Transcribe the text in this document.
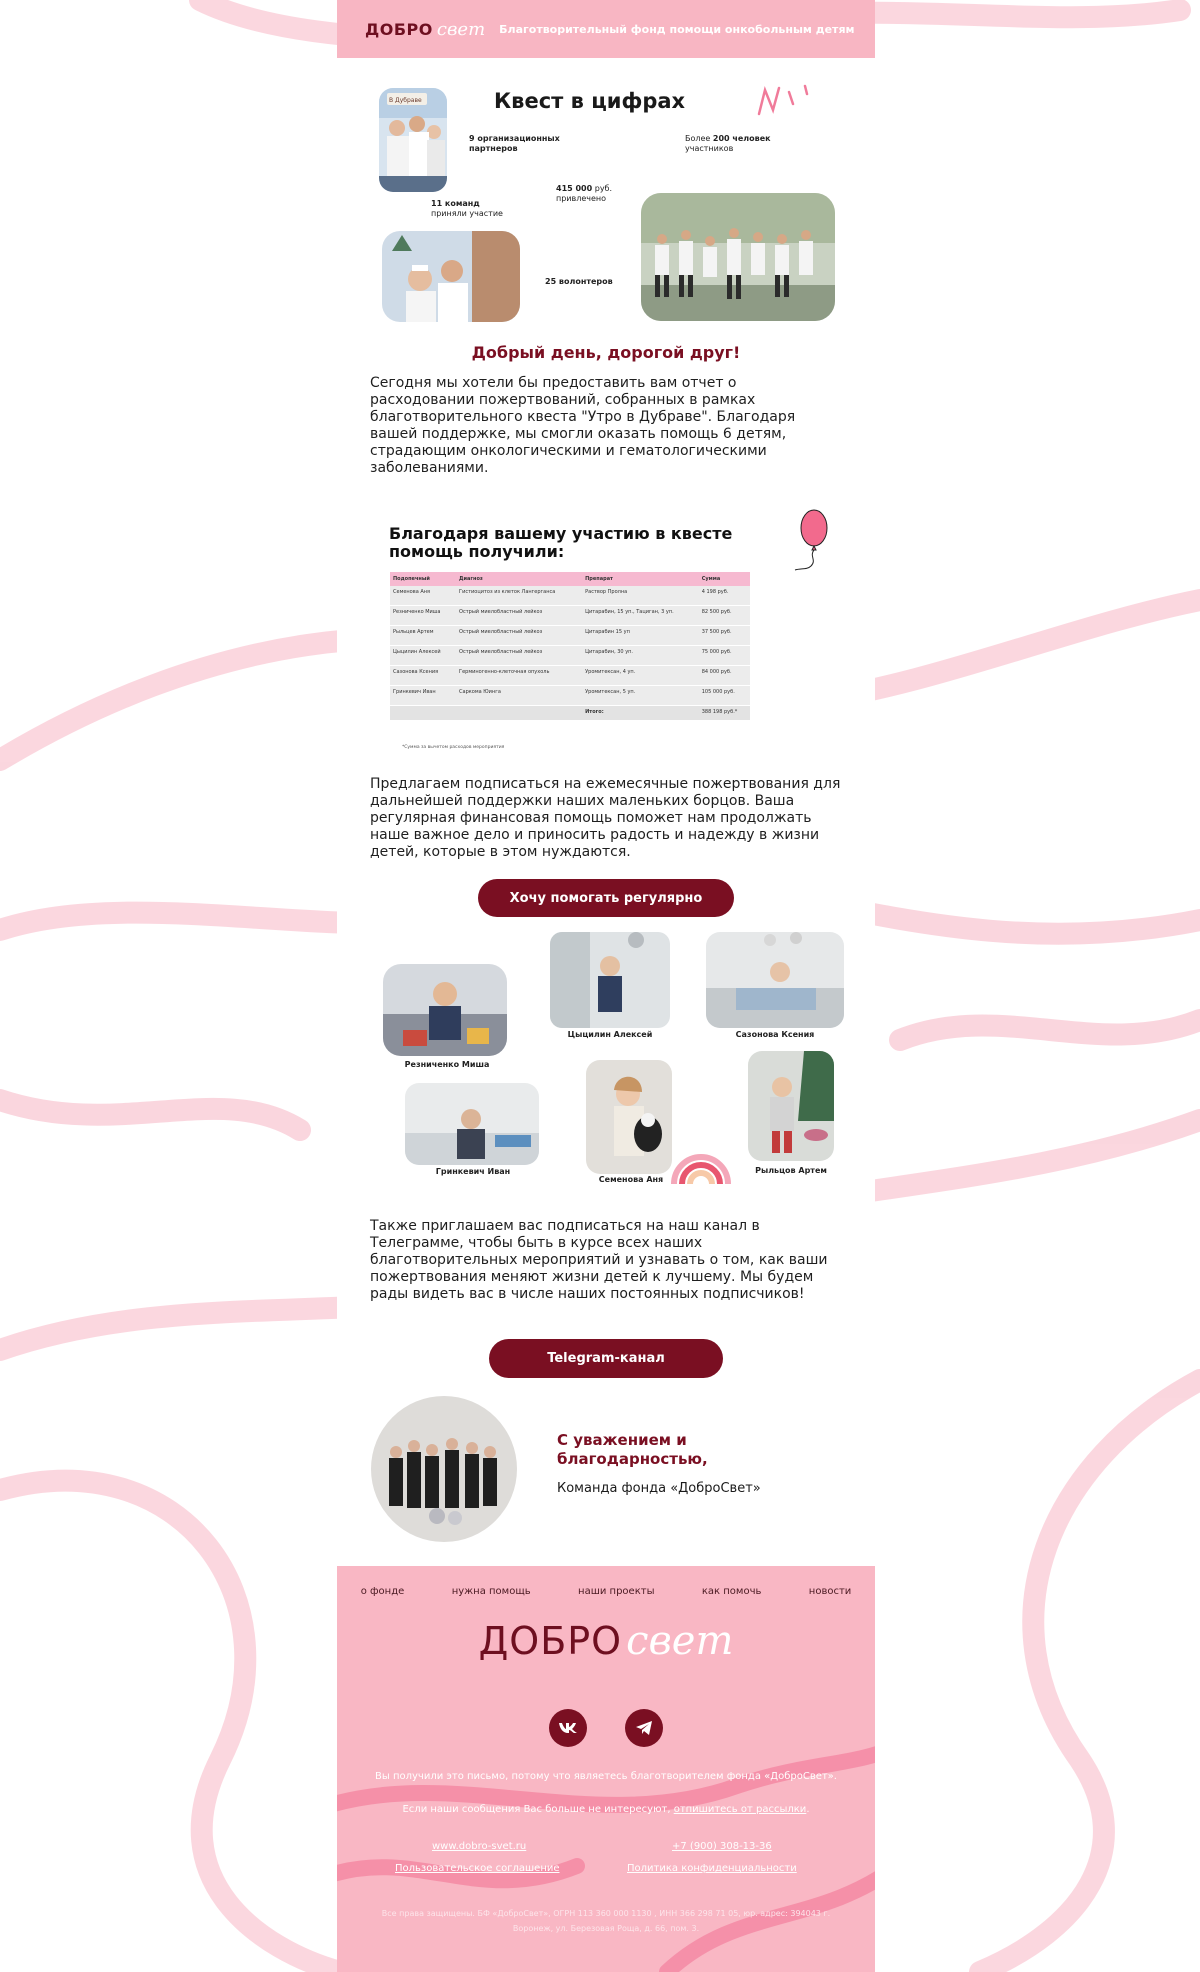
ДОБРО свет Благотворительный фонд помощи онкобольным детям
В Дубраве	Квест в цифрах
9 организационных
партнеров
Более 200 человек
участников
415 000 руб.
привлечено
11 команд
приняли участие
25 волонтеров
Добрый день, дорогой друг!
Сегодня мы хотели бы предоставить вам отчет о расходовании пожертвований, собранных в рамках благотворительного квеста "Утро в Дубраве". Благодаря вашей поддержке, мы смогли оказать помощь 6 детям, страдающим онкологическими и гематологическими заболеваниями.
Благодаря вашему участию в квесте помощь получили:
Подопечный	Диагноз	Препарат	Сумма
Семенова Аня	Гистиоцитоз из клеток Лангерганса	Раствор Пролна	4 198 руб.
Резниченко Миша	Острый миелобластный лейкоз	Цитарабин, 15 уп., Тациган, 3 уп.	82 500 руб.
Рыльцев Артем	Острый миелобластный лейкоз	Цитарабин 15 уп	37 500 руб.
Цыцилин Алексей	Острый миелобластный лейкоз	Цитарабин, 30 уп.	75 000 руб.
Сазонова Ксения	Герминогенно-клеточная опухоль	Уромитексан, 4 уп.	84 000 руб.
Гринкевич Иван	Саркома Юинга	Уромитексан, 5 уп.	105 000 руб.
		Итого:	388 198 руб.*
*Сумма за вычетом расходов мероприятия
Предлагаем подписаться на ежемесячные пожертвования для дальнейшей поддержки наших маленьких борцов. Ваша регулярная финансовая помощь поможет нам продолжать наше важное дело и приносить радость и надежду в жизни детей, которые в этом нуждаются.
Хочу помогать регулярно
Резниченко Миша
Цыцилин Алексей	Сазонова Ксения
Гринкевич Иван
Семенова Аня
Рыльцов Артем
Также приглашаем вас подписаться на наш канал в Телеграмме, чтобы быть в курсе всех наших благотворительных мероприятий и узнавать о том, как ваши пожертвования меняют жизни детей к лучшему. Мы будем рады видеть вас в числе наших постоянных подписчиков!
Telegram-канал
С уважением и благодарностью,
Команда фонда «ДоброСвет»
о фонде	нужна помощь	наши проекты	как помочь	новости
ДОБРО свет
Вы получили это письмо, потому что являетесь благотворителем фонда «ДоброСвет».
Если наши сообщения Вас больше не интересуют, отпишитесь от рассылки.
www.dobro-svet.ru	+7 (900) 308-13-36
Пользовательское соглашение	Политика конфиденциальности
Все права защищены. БФ «ДоброСвет», ОГРН 113 360 000 1130 , ИНН 366 298 71 05, юр. адрес: 394043 г. Воронеж, ул. Березовая Роща, д. 66, пом. 3.
